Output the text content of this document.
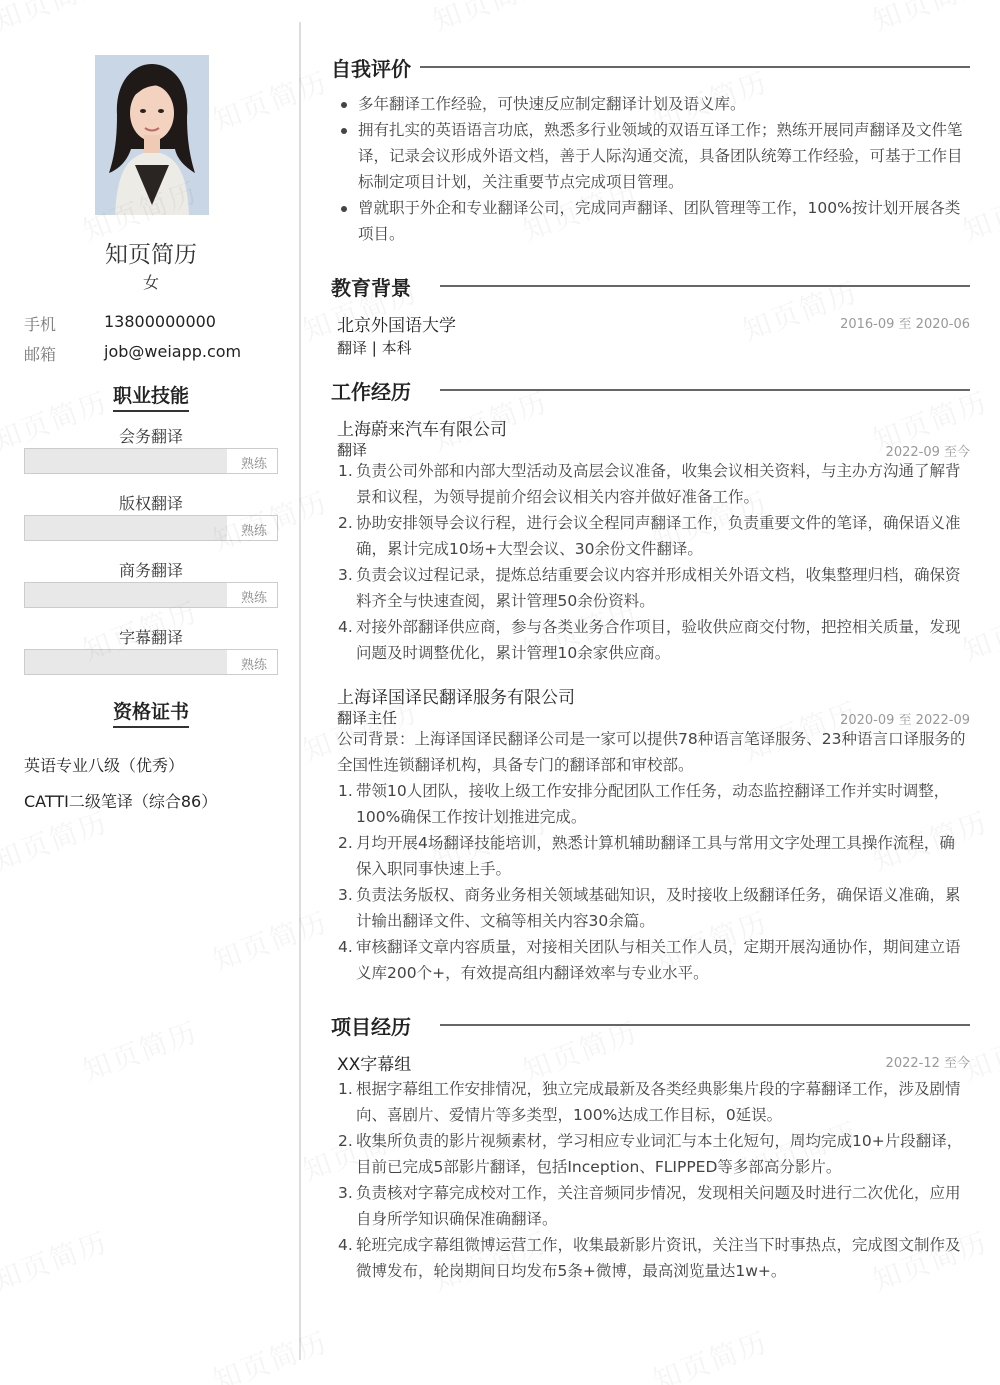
知页简历
女
手机	13800000000
邮箱	job@weiapp.com
职业技能
会务翻译
熟练
版权翻译
熟练
商务翻译
熟练
字幕翻译
熟练
资格证书
英语专业八级（优秀）
CATTI二级笔译（综合86）
自我评价
多年翻译工作经验，可快速反应制定翻译计划及语义库。
拥有扎实的英语语言功底，熟悉多行业领域的双语互译工作；熟练开展同声翻译及文件笔译，记录会议形成外语文档，善于人际沟通交流，具备团队统筹工作经验，可基于工作目标制定项目计划，关注重要节点完成项目管理。
曾就职于外企和专业翻译公司，完成同声翻译、团队管理等工作，100%按计划开展各类项目。
教育背景
北京外国语大学	2016-09 至 2020-06
翻译 | 本科
工作经历
上海蔚来汽车有限公司
翻译	2022-09 至今
1. 负责公司外部和内部大型活动及高层会议准备，收集会议相关资料，与主办方沟通了解背景和议程，为领导提前介绍会议相关内容并做好准备工作。
2. 协助安排领导会议行程，进行会议全程同声翻译工作，负责重要文件的笔译，确保语义准确，累计完成10场+大型会议、30余份文件翻译。
3. 负责会议过程记录，提炼总结重要会议内容并形成相关外语文档，收集整理归档，确保资料齐全与快速查阅，累计管理50余份资料。
4. 对接外部翻译供应商，参与各类业务合作项目，验收供应商交付物，把控相关质量，发现问题及时调整优化，累计管理10余家供应商。
上海译国译民翻译服务有限公司
翻译主任	2020-09 至 2022-09
公司背景：上海译国译民翻译公司是一家可以提供78种语言笔译服务、23种语言口译服务的全国性连锁翻译机构，具备专门的翻译部和审校部。
1. 带领10人团队，接收上级工作安排分配团队工作任务，动态监控翻译工作并实时调整，100%确保工作按计划推进完成。
2. 月均开展4场翻译技能培训，熟悉计算机辅助翻译工具与常用文字处理工具操作流程，确保入职同事快速上手。
3. 负责法务版权、商务业务相关领域基础知识，及时接收上级翻译任务，确保语义准确，累计输出翻译文件、文稿等相关内容30余篇。
4. 审核翻译文章内容质量，对接相关团队与相关工作人员，定期开展沟通协作，期间建立语义库200个+，有效提高组内翻译效率与专业水平。
项目经历
XX字幕组	2022-12 至今
1. 根据字幕组工作安排情况，独立完成最新及各类经典影集片段的字幕翻译工作，涉及剧情向、喜剧片、爱情片等多类型，100%达成工作目标，0延误。
2. 收集所负责的影片视频素材，学习相应专业词汇与本土化短句，周均完成10+片段翻译，目前已完成5部影片翻译，包括Inception、FLIPPED等多部高分影片。
3. 负责核对字幕完成校对工作，关注音频同步情况，发现相关问题及时进行二次优化，应用自身所学知识确保准确翻译。
4. 轮班完成字幕组微博运营工作，收集最新影片资讯，关注当下时事热点，完成图文制作及微博发布，轮岗期间日均发布5条+微博，最高浏览量达1w+。
